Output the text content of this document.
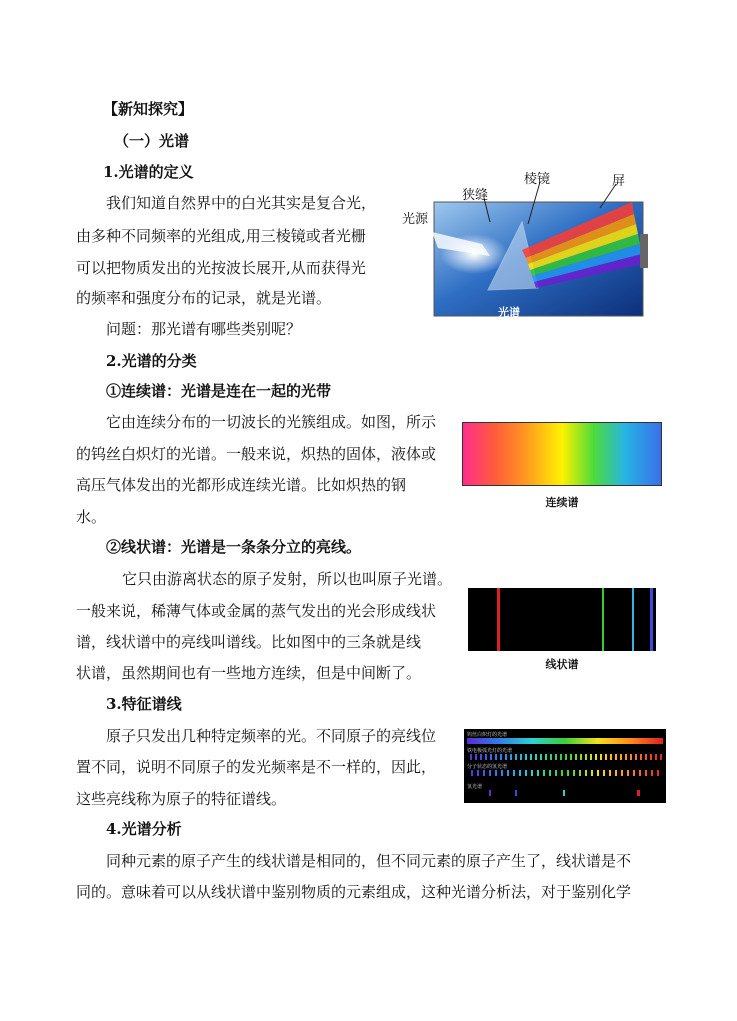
【新知探究】
（一）光谱
1.光谱的定义
我们知道自然界中的白光其实是复合光，
由多种不同频率的光组成,用三棱镜或者光栅
可以把物质发出的光按波长展开,从而获得光
的频率和强度分布的记录，就是光谱。
问题：那光谱有哪些类别呢？
光源
狭缝
棱镜	屏
光谱
2.光谱的分类
①连续谱：光谱是连在一起的光带
它由连续分布的一切波长的光簇组成。如图，所示
的钨丝白炽灯的光谱。一般来说，炽热的固体，液体或
高压气体发出的光都形成连续光谱。比如炽热的钢
水。
连续谱
②线状谱：光谱是一条条分立的亮线。
它只由游离状态的原子发射，所以也叫原子光谱。
一般来说，稀薄气体或金属的蒸气发出的光会形成线状
谱，线状谱中的亮线叫谱线。比如图中的三条就是线
状谱，虽然期间也有一些地方连续，但是中间断了。	线状谱
3.特征谱线
原子只发出几种特定频率的光。不同原子的亮线位
置不同，说明不同原子的发光频率是不一样的，因此，
这些亮线称为原子的特征谱线。
钨丝白炽灯的光谱
铁电极弧光灯的光谱
分子状态的氢光谱
氢光谱
4.光谱分析
同种元素的原子产生的线状谱是相同的，但不同元素的原子产生了，线状谱是不
同的。意味着可以从线状谱中鉴别物质的元素组成，这种光谱分析法，对于鉴别化学
